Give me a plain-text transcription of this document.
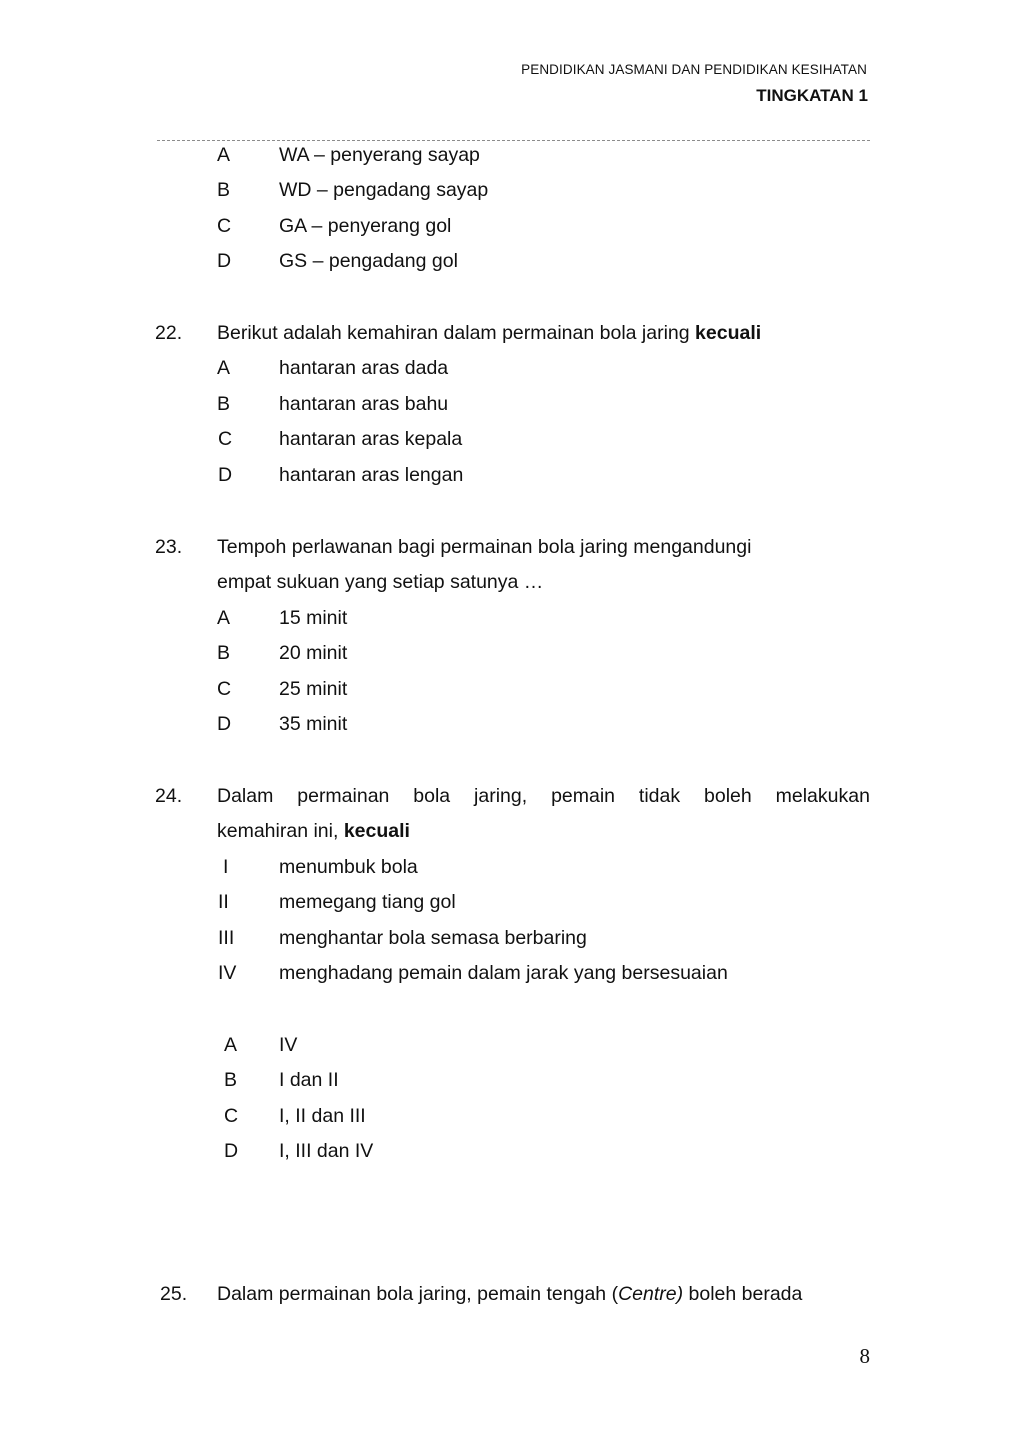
PENDIDIKAN JASMANI DAN PENDIDIKAN KESIHATAN
TINGKATAN 1
A	WA – penyerang sayap
B	WD – pengadang sayap
C GA – penyerang gol
D GS – pengadang gol
22. Berikut adalah kemahiran dalam permainan bola jaring kecuali
A	hantaran aras dada
B	hantaran aras bahu
C hantaran aras kepala
D hantaran aras lengan
23. Tempoh perlawanan bagi permainan bola jaring mengandungi
empat sukuan yang setiap satunya …
A	15 minit
B	20 minit
C 25 minit
D 35 minit
24. Dalam permainan bola jaring, pemain tidak boleh melakukan
kemahiran ini, kecuali
I	menumbuk bola
II	memegang tiang gol
III menghantar bola semasa berbaring
IV menghadang pemain dalam jarak yang bersesuaian
A IV
B I dan II
C I, II dan III
D I, III dan IV
25. Dalam permainan bola jaring, pemain tengah (Centre) boleh berada
8
